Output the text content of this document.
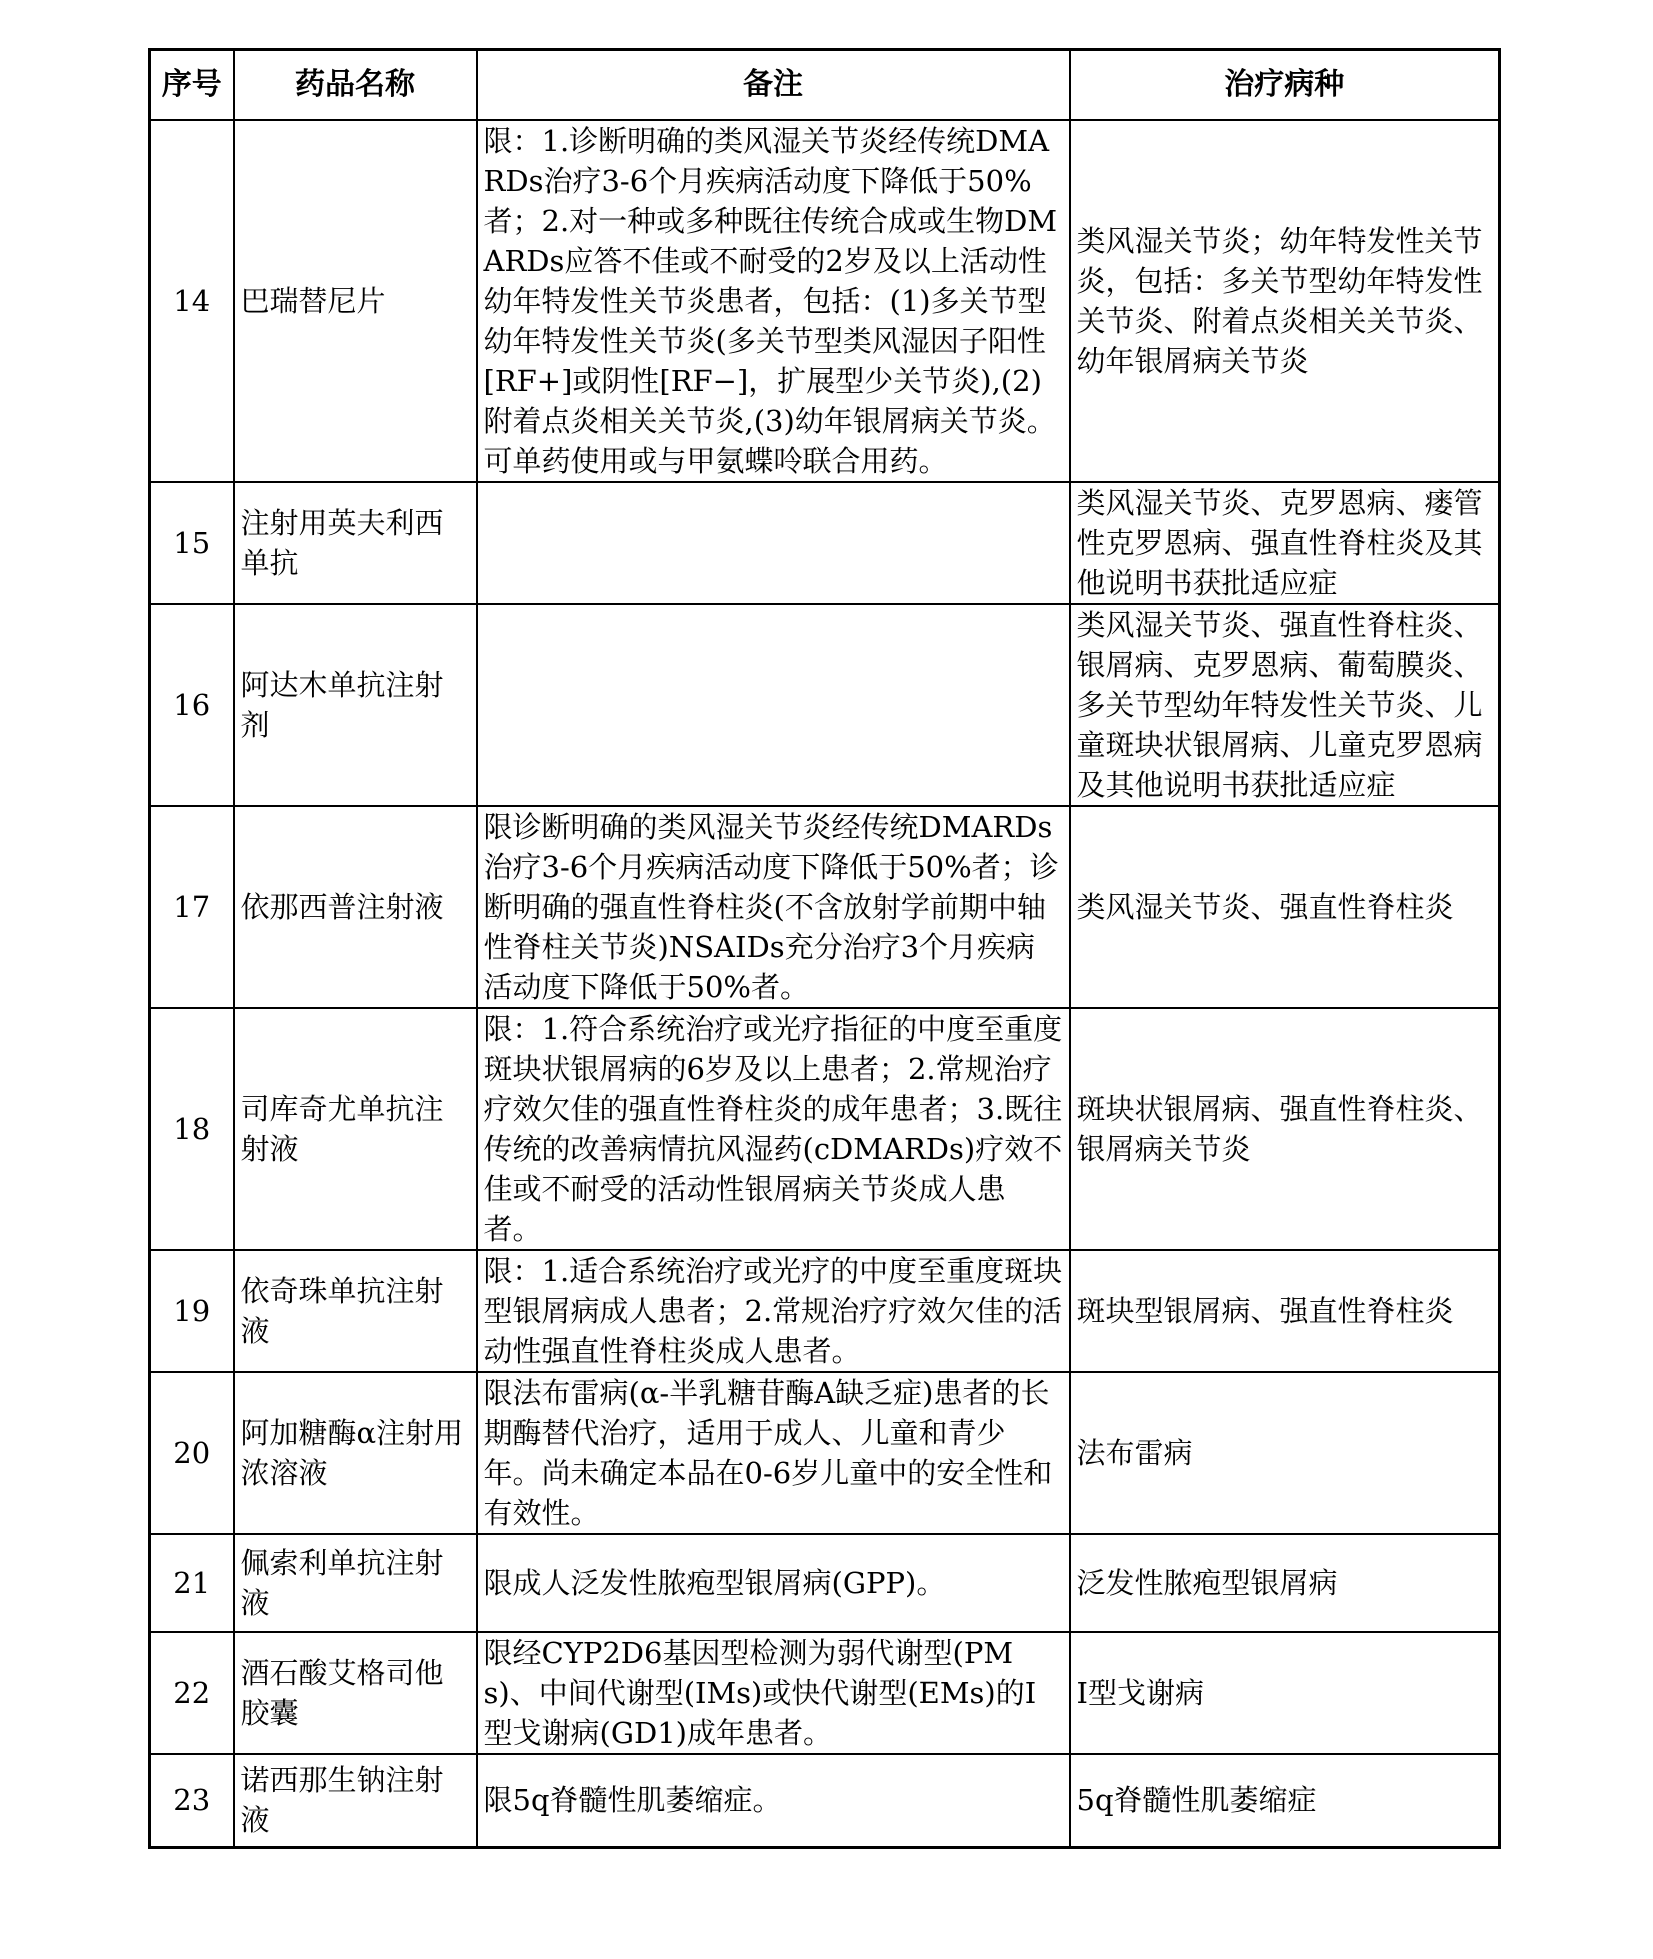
序号	药品名称	备注	治疗病种
14	巴瑞替尼片	限：1.诊断明确的类风湿关节炎经传统DMARDs治疗3-6个月疾病活动度下降低于50%者；2.对一种或多种既往传统合成或生物DMARDs应答不佳或不耐受的2岁及以上活动性幼年特发性关节炎患者，包括：(1)多关节型幼年特发性关节炎(多关节型类风湿因子阳性[RF+]或阴性[RF−]，扩展型少关节炎),(2)附着点炎相关关节炎,(3)幼年银屑病关节炎。可单药使用或与甲氨蝶呤联合用药。	类风湿关节炎；幼年特发性关节炎，包括：多关节型幼年特发性关节炎、附着点炎相关关节炎、幼年银屑病关节炎
15	注射用英夫利西单抗		类风湿关节炎、克罗恩病、瘘管性克罗恩病、强直性脊柱炎及其他说明书获批适应症
16	阿达木单抗注射剂		类风湿关节炎、强直性脊柱炎、银屑病、克罗恩病、葡萄膜炎、多关节型幼年特发性关节炎、儿童斑块状银屑病、儿童克罗恩病及其他说明书获批适应症
17	依那西普注射液	限诊断明确的类风湿关节炎经传统DMARDs治疗3-6个月疾病活动度下降低于50%者；诊断明确的强直性脊柱炎(不含放射学前期中轴性脊柱关节炎)NSAIDs充分治疗3个月疾病活动度下降低于50%者。	类风湿关节炎、强直性脊柱炎
18	司库奇尤单抗注射液	限：1.符合系统治疗或光疗指征的中度至重度斑块状银屑病的6岁及以上患者；2.常规治疗疗效欠佳的强直性脊柱炎的成年患者；3.既往传统的改善病情抗风湿药(cDMARDs)疗效不佳或不耐受的活动性银屑病关节炎成人患者。	斑块状银屑病、强直性脊柱炎、银屑病关节炎
19	依奇珠单抗注射液	限：1.适合系统治疗或光疗的中度至重度斑块型银屑病成人患者；2.常规治疗疗效欠佳的活动性强直性脊柱炎成人患者。	斑块型银屑病、强直性脊柱炎
20	阿加糖酶α注射用浓溶液	限法布雷病(α-半乳糖苷酶A缺乏症)患者的长期酶替代治疗，适用于成人、儿童和青少年。尚未确定本品在0-6岁儿童中的安全性和有效性。	法布雷病
21	佩索利单抗注射液	限成人泛发性脓疱型银屑病(GPP)。	泛发性脓疱型银屑病
22	酒石酸艾格司他胶囊	限经CYP2D6基因型检测为弱代谢型(PMs)、中间代谢型(IMs)或快代谢型(EMs)的Ⅰ型戈谢病(GD1)成年患者。	Ⅰ型戈谢病
23	诺西那生钠注射液	限5q脊髓性肌萎缩症。	5q脊髓性肌萎缩症
